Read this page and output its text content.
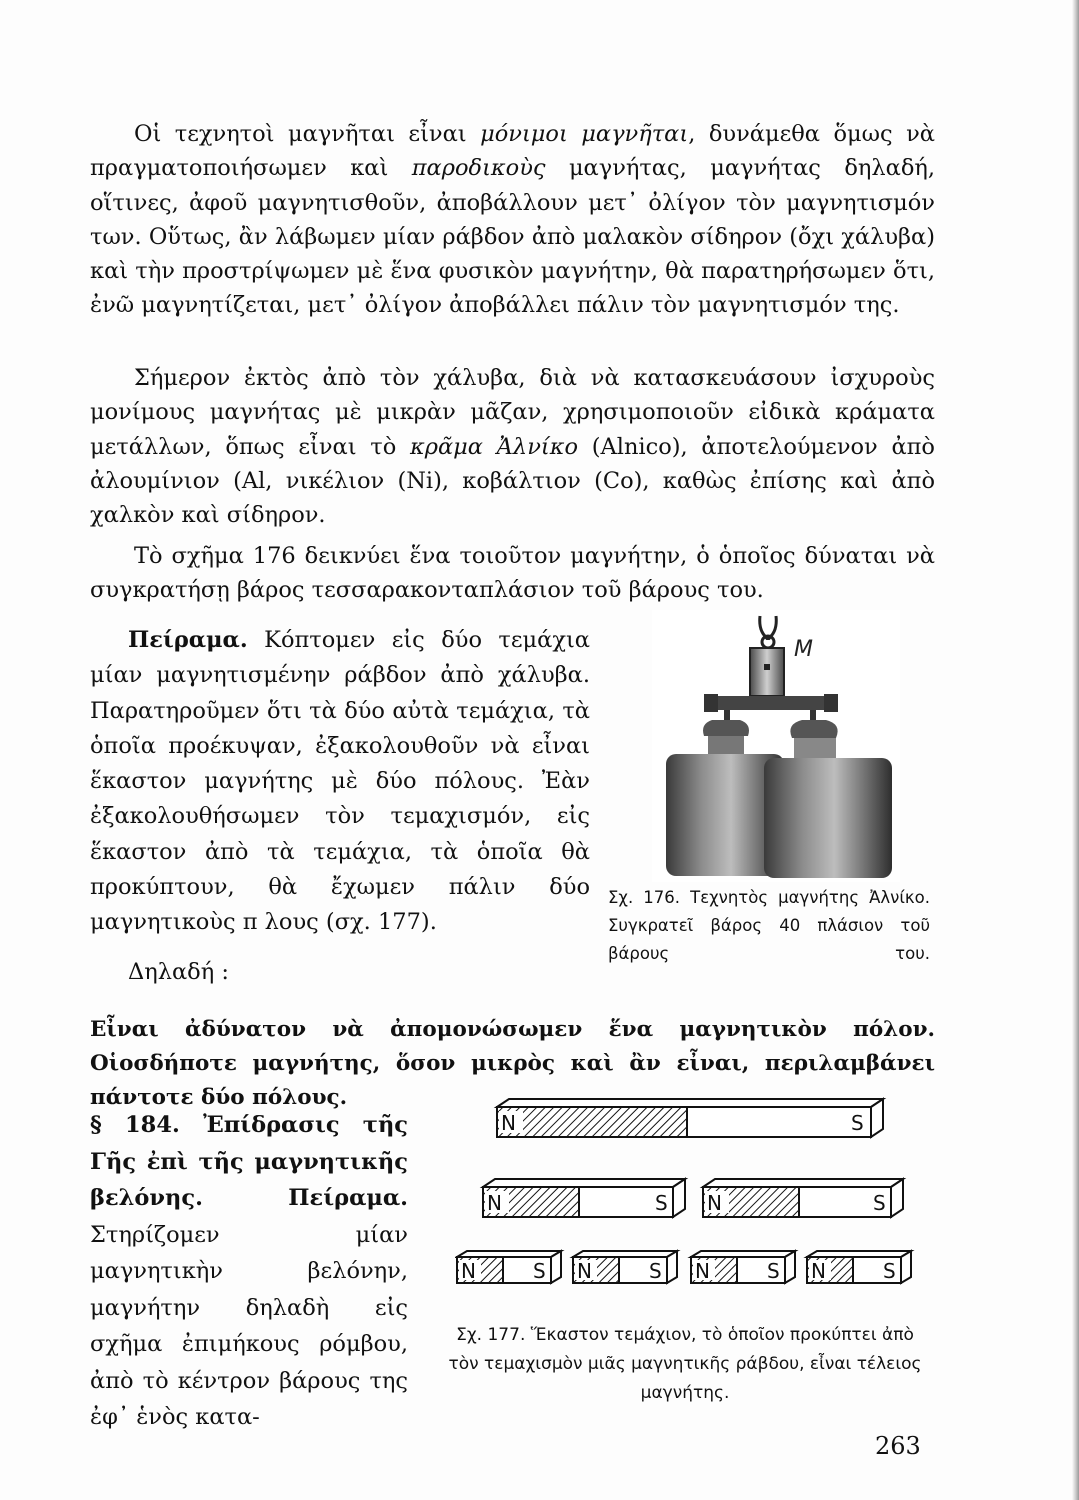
Οἱ τεχνητοὶ μαγνῆται εἶναι μόνιμοι μαγνῆται, δυνάμεθα ὅμως νὰ πραγματοποιήσωμεν καὶ παροδικοὺς μαγνήτας, μαγνήτας δηλαδή, οἵτινες, ἀφοῦ μαγνητισθοῦν, ἀποβάλλουν μετ᾽ ὀλίγον τὸν μαγνητισμόν των. Οὕτως, ἂν λάβωμεν μίαν ράβδον ἀπὸ μαλακὸν σίδηρον (ὄχι χάλυβα) καὶ τὴν προστρίψωμεν μὲ ἕνα φυσικὸν μαγνήτην, θὰ παρατηρήσωμεν ὅτι, ἐνῶ μαγνητίζεται, μετ᾽ ὀλίγον ἀποβάλλει πάλιν τὸν μαγνητισμόν της.

Σήμερον ἐκτὸς ἀπὸ τὸν χάλυβα, διὰ νὰ κατασκευάσουν ἰσχυροὺς μονίμους μαγνήτας μὲ μικρὰν μᾶζαν, χρησιμοποιοῦν εἰδικὰ κράματα μετάλλων, ὅπως εἶναι τὸ κρᾶμα Ἀλνίκο (Alnico), ἀποτελούμενον ἀπὸ ἀλουμίνιον (Al, νικέλιον (Ni), κοβάλτιον (Co), καθὼς ἐπίσης καὶ ἀπὸ χαλκὸν καὶ σίδηρον.

Τὸ σχῆμα 176 δεικνύει ἕνα τοιοῦτον μαγνήτην, ὁ ὁποῖος δύναται νὰ συγκρατήσῃ βάρος τεσσαρακονταπλάσιον τοῦ βάρους του.

Πείραμα. Κόπτομεν εἰς δύο τεμάχια μίαν μαγνητισμένην ράβδον ἀπὸ χάλυβα. Παρατηροῦμεν ὅτι τὰ δύο αὐτὰ τεμάχια, τὰ ὁποῖα προέκυψαν, ἐξακολουθοῦν νὰ εἶναι ἕκαστον μαγνήτης μὲ δύο πόλους. Ἐὰν ἐξακολουθήσωμεν τὸν τεμαχισμόν, εἰς ἕκαστον ἀπὸ τὰ τεμάχια, τὰ ὁποῖα θὰ προκύπτουν, θὰ ἔχωμεν πάλιν δύο μαγνητικοὺς π λους (σχ. 177).

Δηλαδή :

M

Σχ. 176. Τεχνητὸς μαγνήτης Ἀλνίκο. Συγκρατεῖ βάρος 40 πλάσιον τοῦ βάρους του.

Εἶναι ἀδύνατον νὰ ἀπομονώσωμεν ἕνα μαγνητικὸν πόλον. Οἱοσδήποτε μαγνήτης, ὅσον μικρὸς καὶ ἂν εἶναι, περιλαμβάνει πάντοτε δύο πόλους.

§ 184. Ἐπίδρασις τῆς Γῆς ἐπὶ τῆς μαγνητικῆς βελόνης. Πείραμα. Στηρίζομεν μίαν μαγνητικὴν βελόνην, μαγνήτην δηλαδὴ εἰς σχῆμα ἐπιμήκους ρόμβου, ἀπὸ τὸ κέντρον βάρους της ἐφ᾽ ἑνὸς κατα-

N	S
N	S N	S
N	S N	S N	S N	S

Σχ. 177. Ἕκαστον τεμάχιον, τὸ ὁποῖον προκύπτει ἀπὸ τὸν τεμαχισμὸν μιᾶς μαγνητικῆς ράβδου, εἶναι τέλειος μαγνήτης.

263
